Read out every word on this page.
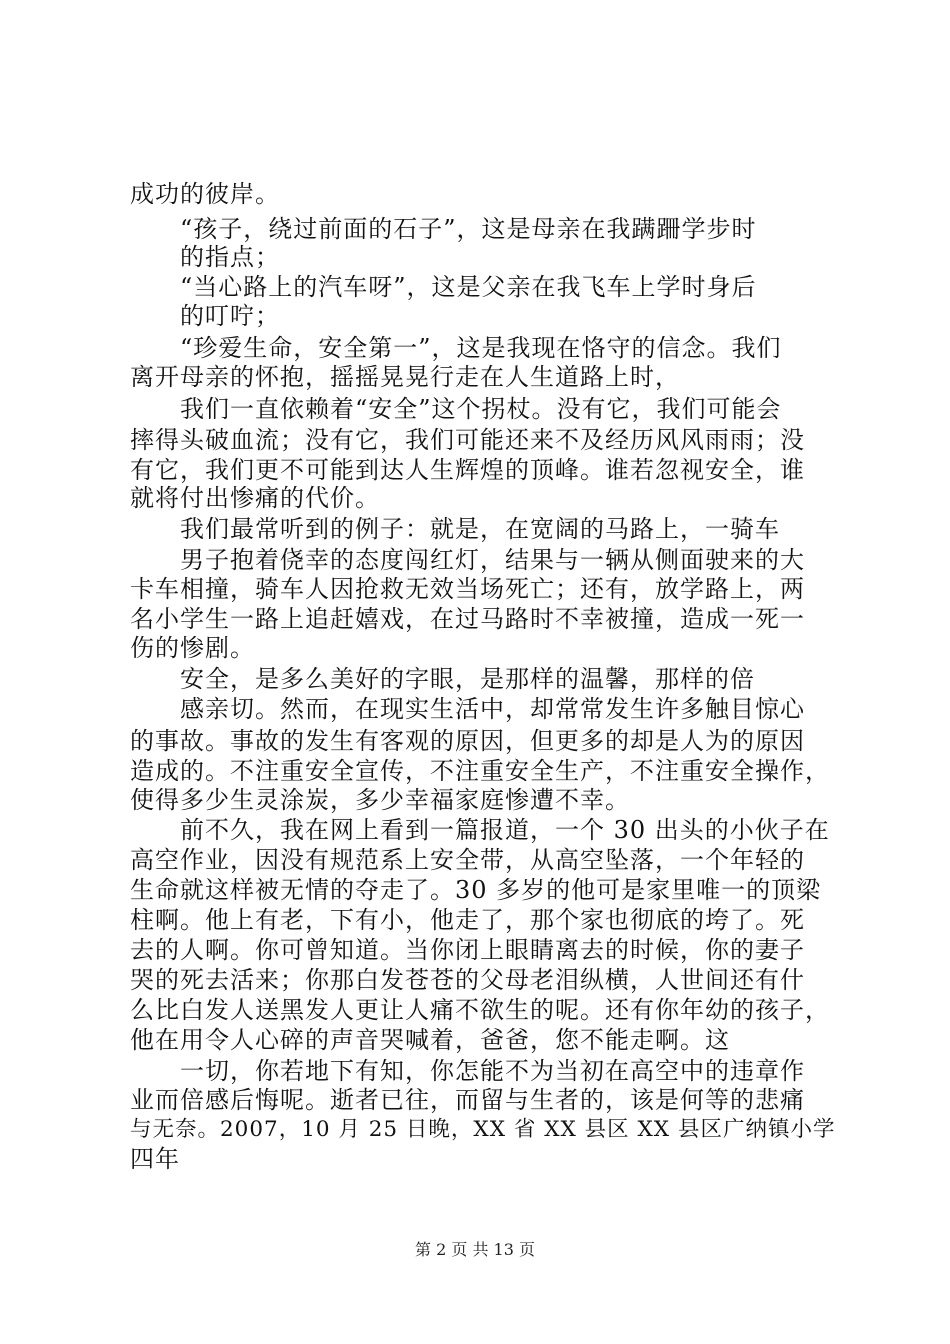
成功的彼岸。
“孩子，绕过前面的石子”，这是母亲在我蹒跚学步时
的指点；
“当心路上的汽车呀”，这是父亲在我飞车上学时身后
的叮咛；
“珍爱生命，安全第一”，这是我现在恪守的信念。我们
离开母亲的怀抱，摇摇晃晃行走在人生道路上时，
我们一直依赖着“安全”这个拐杖。没有它，我们可能会
摔得头破血流；没有它，我们可能还来不及经历风风雨雨；没
有它，我们更不可能到达人生辉煌的顶峰。谁若忽视安全，谁
就将付出惨痛的代价。
我们最常听到的例子：就是，在宽阔的马路上，一骑车
男子抱着侥幸的态度闯红灯，结果与一辆从侧面驶来的大
卡车相撞，骑车人因抢救无效当场死亡；还有，放学路上，两
名小学生一路上追赶嬉戏，在过马路时不幸被撞，造成一死一
伤的惨剧。
安全，是多么美好的字眼，是那样的温馨，那样的倍
感亲切。然而，在现实生活中，却常常发生许多触目惊心
的事故。事故的发生有客观的原因，但更多的却是人为的原因
造成的。不注重安全宣传，不注重安全生产，不注重安全操作，
使得多少生灵涂炭，多少幸福家庭惨遭不幸。
前不久，我在网上看到一篇报道，一个 30 出头的小伙子在
高空作业，因没有规范系上安全带，从高空坠落，一个年轻的
生命就这样被无情的夺走了。30 多岁的他可是家里唯一的顶梁
柱啊。他上有老，下有小，他走了，那个家也彻底的垮了。死
去的人啊。你可曾知道。当你闭上眼睛离去的时候，你的妻子
哭的死去活来；你那白发苍苍的父母老泪纵横，人世间还有什
么比白发人送黑发人更让人痛不欲生的呢。还有你年幼的孩子，
他在用令人心碎的声音哭喊着，爸爸，您不能走啊。这
一切，你若地下有知，你怎能不为当初在高空中的违章作
业而倍感后悔呢。逝者已往，而留与生者的，该是何等的悲痛
与无奈。2007，10 月 25 日晚，XX 省 XX 县区 XX 县区广纳镇小学
四年
第 2 页 共 13 页
